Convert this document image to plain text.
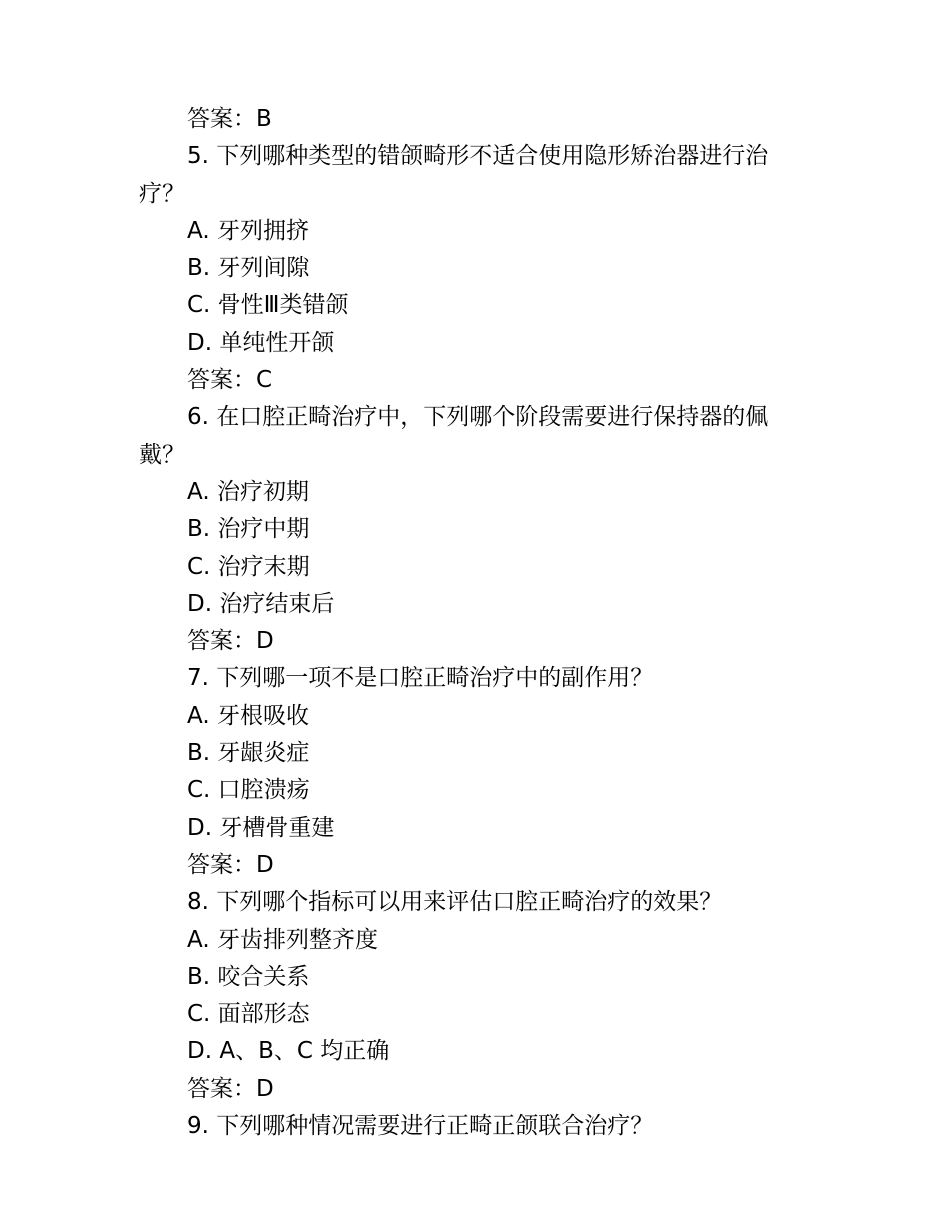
答案：B
5. 下列哪种类型的错颌畸形不适合使用隐形矫治器进行治
疗？
A. 牙列拥挤
B. 牙列间隙
C. 骨性Ⅲ类错颌
D. 单纯性开颌
答案：C
6. 在口腔正畸治疗中，下列哪个阶段需要进行保持器的佩
戴？
A. 治疗初期
B. 治疗中期
C. 治疗末期
D. 治疗结束后
答案：D
7. 下列哪一项不是口腔正畸治疗中的副作用？
A. 牙根吸收
B. 牙龈炎症
C. 口腔溃疡
D. 牙槽骨重建
答案：D
8. 下列哪个指标可以用来评估口腔正畸治疗的效果？
A. 牙齿排列整齐度
B. 咬合关系
C. 面部形态
D. A、B、C 均正确
答案：D
9. 下列哪种情况需要进行正畸正颌联合治疗？
